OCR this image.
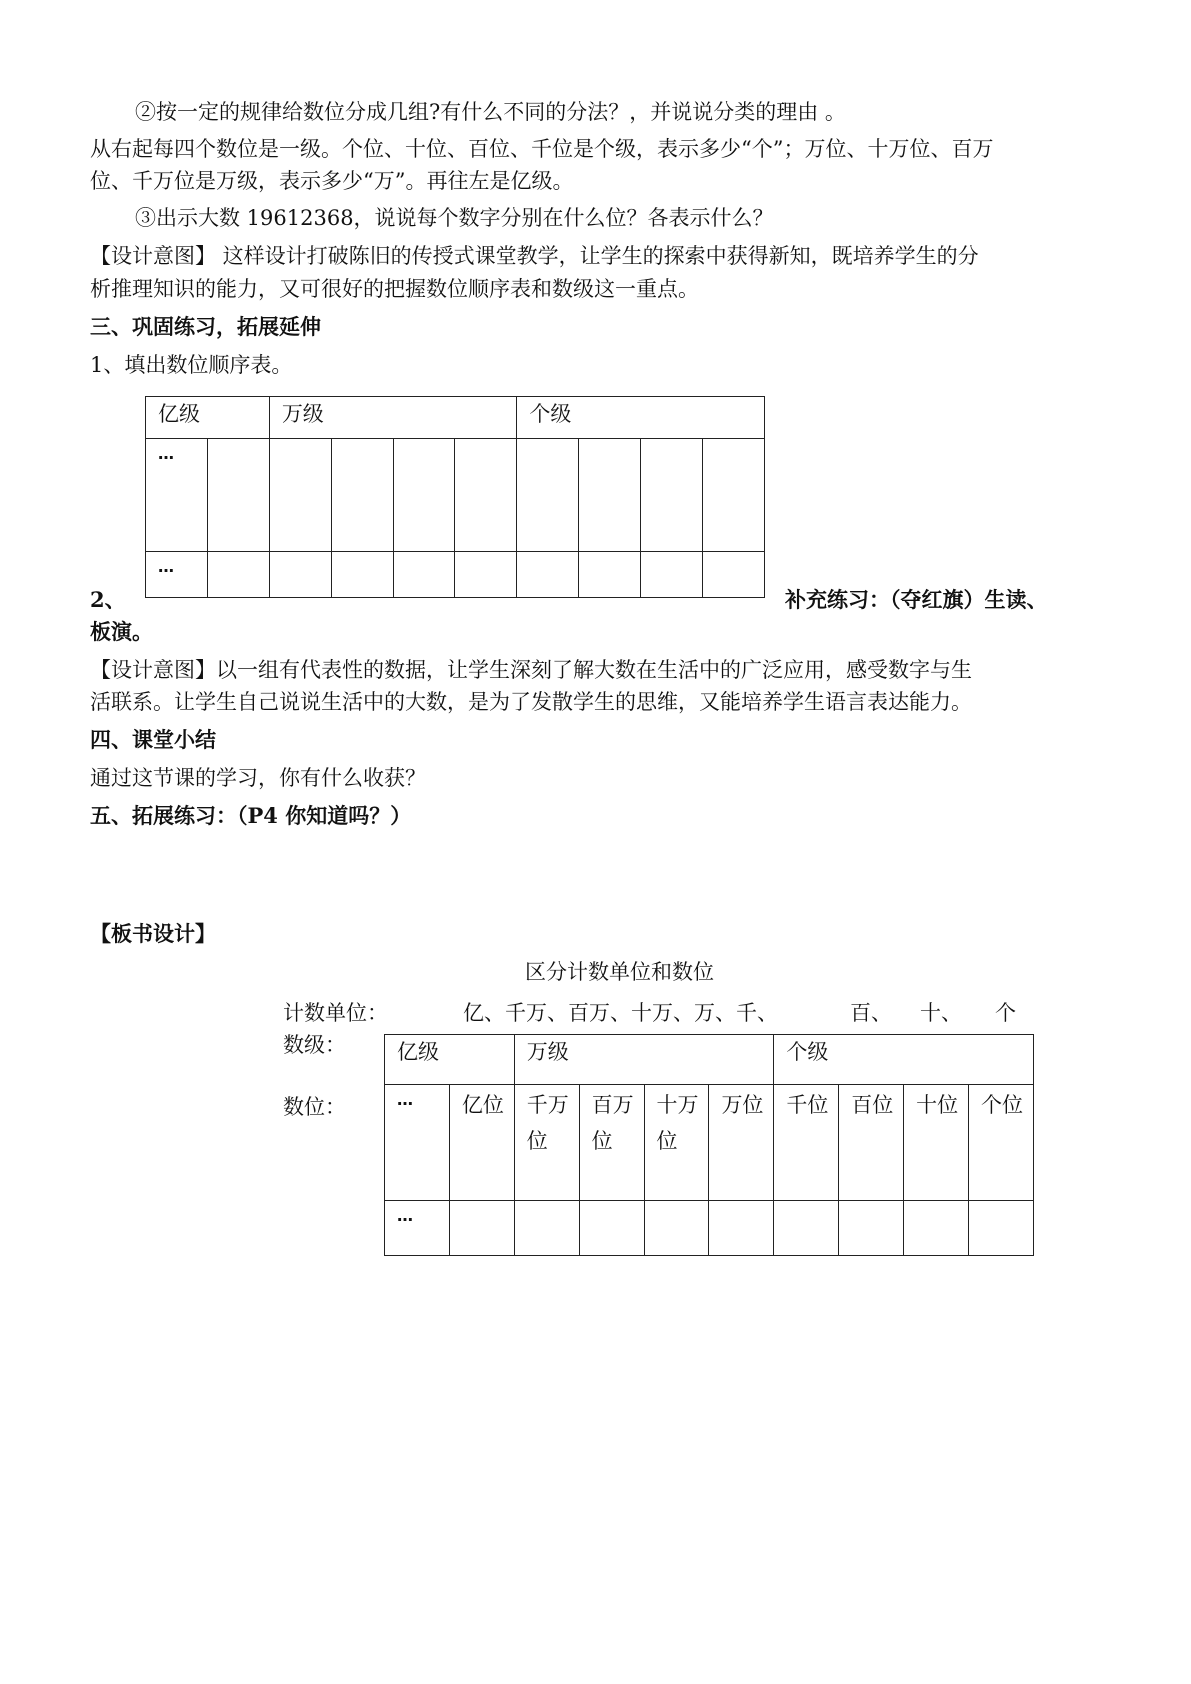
②按一定的规律给数位分成几组?有什么不同的分法？，并说说分类的理由 。
从右起每四个数位是一级。个位、十位、百位、千位是个级，表示多少“个”；万位、十万位、百万
位、千万位是万级，表示多少“万”。再往左是亿级。
③出示大数 19612368，说说每个数字分别在什么位？各表示什么？
【设计意图】 这样设计打破陈旧的传授式课堂教学，让学生的探索中获得新知，既培养学生的分
析推理知识的能力，又可很好的把握数位顺序表和数级这一重点。
三、巩固练习，拓展延伸
1、填出数位顺序表。
亿级		万级				个级			
…									
…									
2、	补充练习：（夺红旗）生读、
板演。
【设计意图】以一组有代表性的数据，让学生深刻了解大数在生活中的广泛应用，感受数字与生
活联系。让学生自己说说生活中的大数，是为了发散学生的思维，又能培养学生语言表达能力。
四、课堂小结
通过这节课的学习，你有什么收获？
五、拓展练习：（P4 你知道吗？）
【板书设计】
区分计数单位和数位
计数单位：	亿、千万、百万、十万、万、千、	百、 十、 个
数级：
数位：
亿级		万级				个级			
…	亿位	千万位	百万位	十万位	万位	千位	百位	十位	个位
…									
